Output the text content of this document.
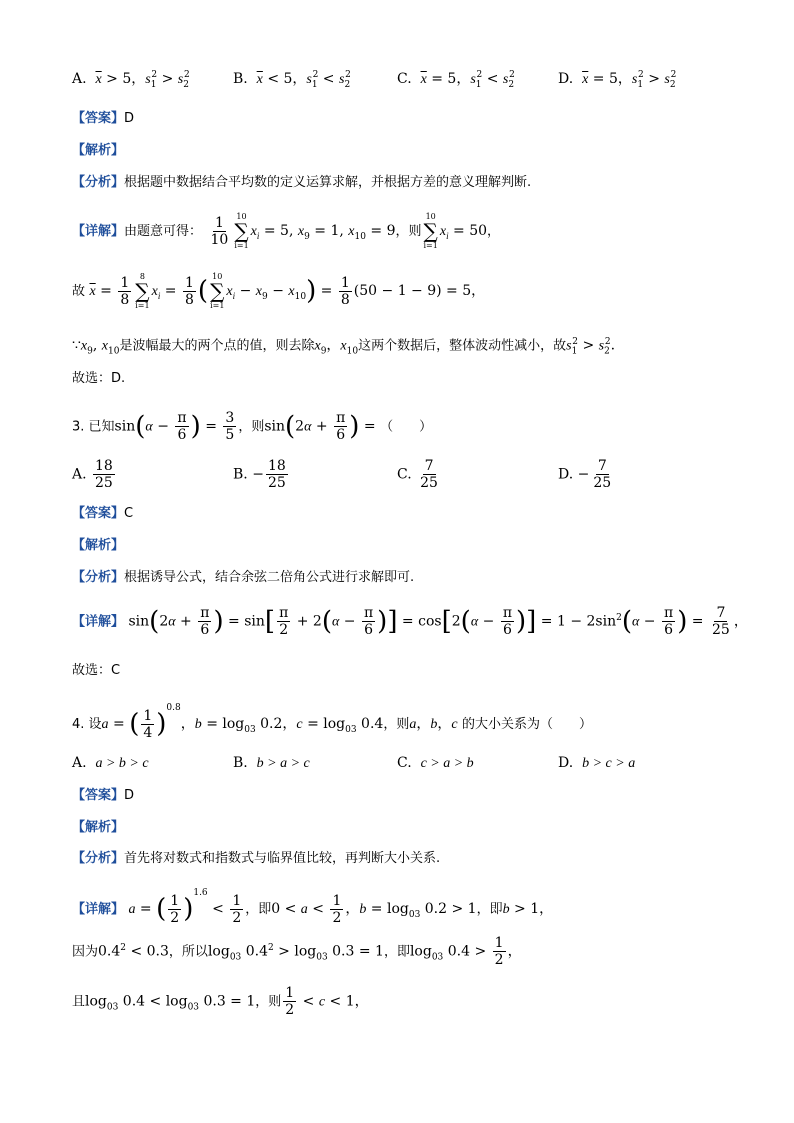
A. $\overline{x} > 5$，$s_1^2 > s_2^2$	B. $\overline{x} < 5$，$s_1^2 < s_2^2$	C. $\overline{x} = 5$，$s_1^2 < s_2^2$	D. $\overline{x} = 5$，$s_1^2 > s_2^2$
【答案】D
【解析】
【分析】根据题中数据结合平均数的定义运算求解，并根据方差的意义理解判断.
【详解】由题意可得： $\frac{1}{10} 10$
∑
i=1
$x_i = 5$, $x_9 = 1$, $x_{10} = 9$，则
10
∑
i=1
$x_i = 50$，
故 $\overline{x} = \frac{1}{8} 8$
∑
i=1
$x_i = \frac{1}{8}$ ( 10
∑
i=1
$x_i - x_9 - x_{10}) = \frac{1}{8} (50 - 1 - 9) = 5$，
$\because x_9$, $x_{10}$是波幅最大的两个点的值，则去除$x_9$，$x_{10}$这两个数据后，整体波动性减小，故$s_1^2 > s_2^2$.
故选：D.
3. 已知$\sin(\alpha - \frac{\pi}{6}$ ) = $\frac{3}{5}$ ，则$\sin(2\alpha + \frac{\pi}{6}$ ) = （　　）
A. $\frac{18}{25}$	B. − $\frac{18}{25}$	C. $\frac{7}{25}$	D. − $\frac{7}{25}$
【答案】C
【解析】
【分析】根据诱导公式，结合余弦二倍角公式进行求解即可.
【详解】 $\sin(2\alpha + \frac{\pi}{6}$ ) = $\sin[ \frac{\pi}{2} + 2(\alpha - \frac{\pi}{6}$ )] = $\cos[2(\alpha - \frac{\pi}{6}$ )] = $1 - 2\sin^2(\alpha - \frac{\pi}{6}$ ) = $\frac{7}{25}$ ，
故选：C
4. 设a = ( $\frac{1}{4} )^{0.8}$，$b = \log_{03} 0.2$，$c = \log_{03} 0.4$，则a，b，c 的大小关系为（　　）
A. a > b > c	B. b > a > c	C. c > a > b	D. b > c > a
【答案】D
【解析】
【分析】首先将对数式和指数式与临界值比较，再判断大小关系.
【详解】 a = ( $\frac{1}{2} )^{1.6} < \frac{1}{2}$ ，即$0 < a < \frac{1}{2}$ ，$b = \log_{03} 0.2 > 1$，即b > 1，
因为$0.4^2 < 0.3$，所以$\log_{03} 0.4^2 > \log_{03} 0.3 = 1$，即$\log_{03} 0.4 > \frac{1}{2}$ ，
且$\log_{03} 0.4 < \log_{03} 0.3 = 1$，则 $\frac{1}{2} < c < 1$，
